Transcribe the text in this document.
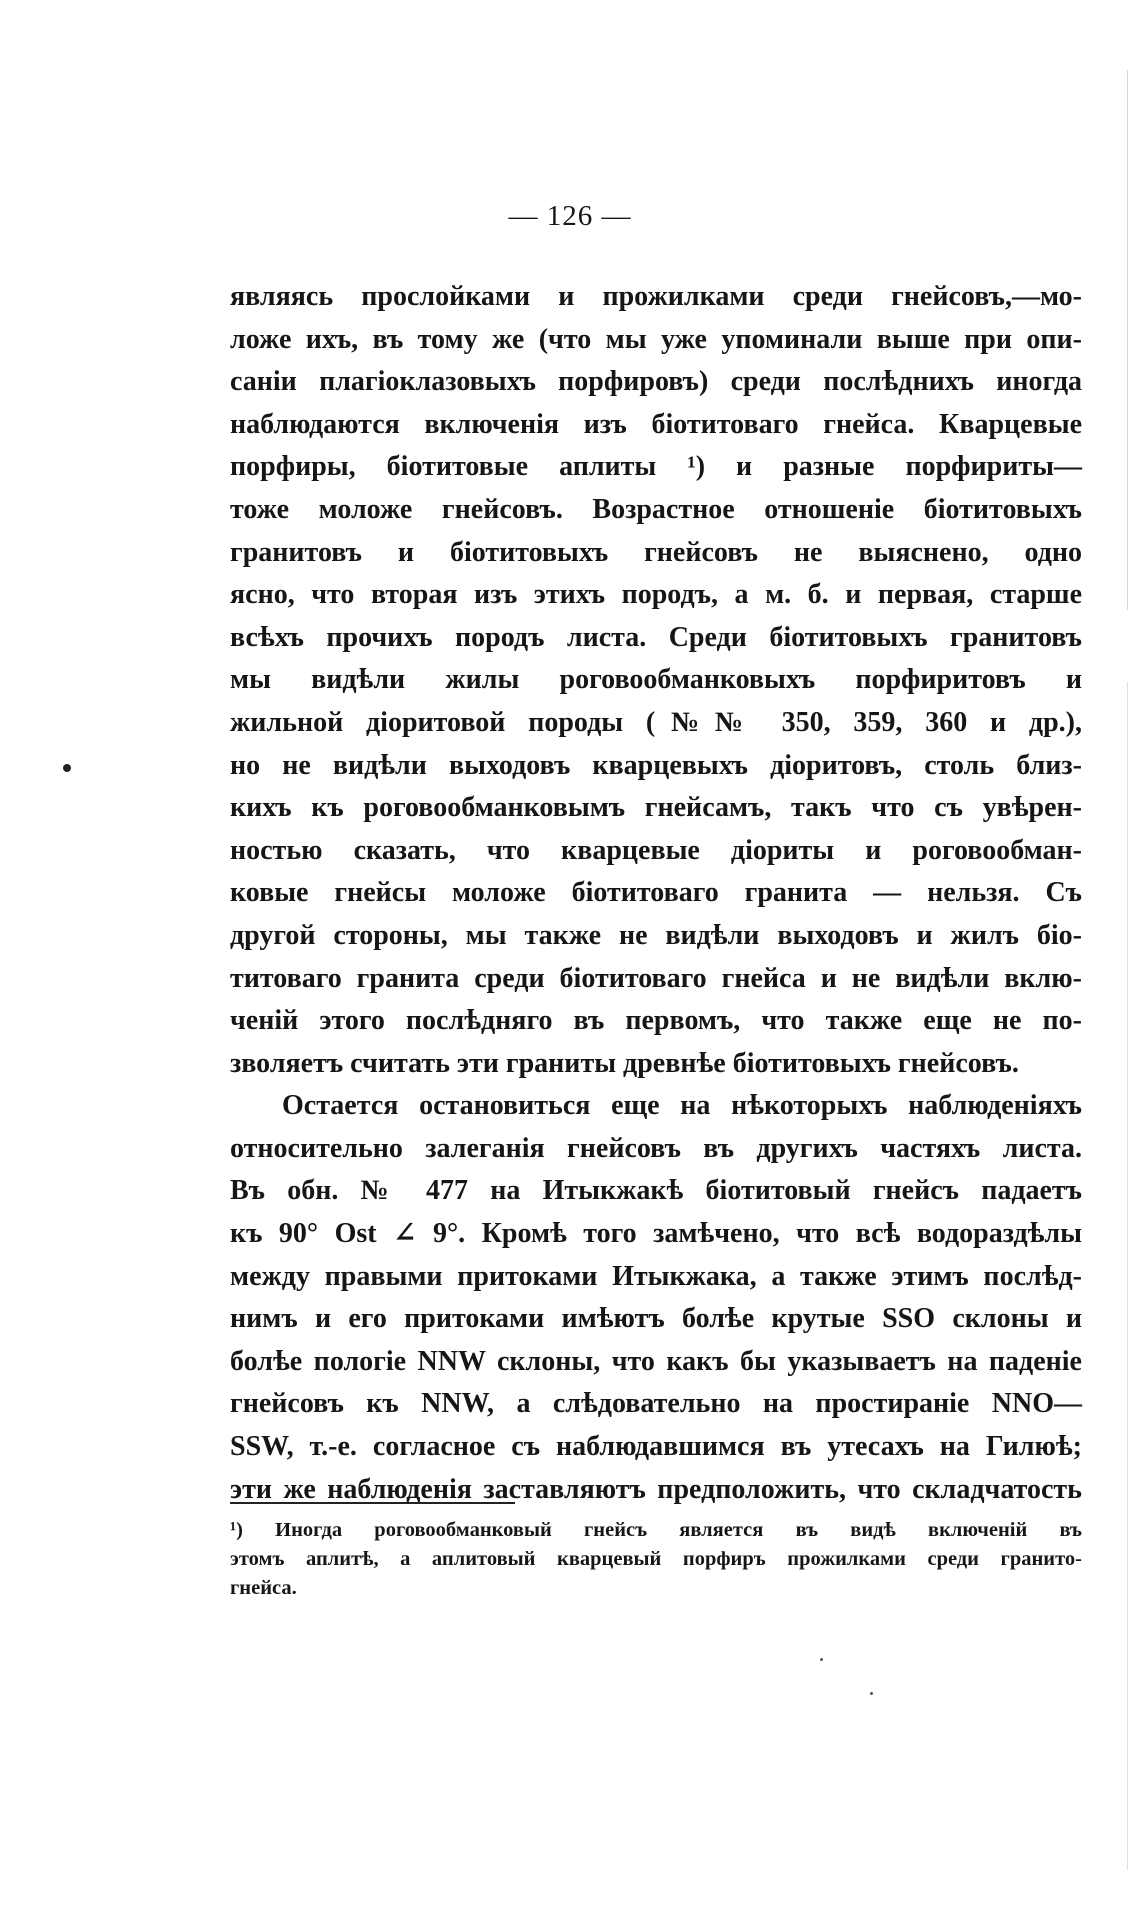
— 126 —
являясь прослойками и прожилками среди гнейсовъ,—мо-
ложе ихъ, въ тому же (что мы уже упоминали выше при опи-
саніи плагіоклазовыхъ порфировъ) среди послѣднихъ иногда
наблюдаются включенія изъ біотитоваго гнейса. Кварцевые
порфиры, біотитовые аплиты ¹) и разные порфириты—
тоже моложе гнейсовъ. Возрастное отношеніе біотитовыхъ
гранитовъ и біотитовыхъ гнейсовъ не выяснено, одно
ясно, что вторая изъ этихъ породъ, а м. б. и первая, старше
всѣхъ прочихъ породъ листа. Среди біотитовыхъ гранитовъ
мы видѣли жилы роговообманковыхъ порфиритовъ и
жильной діоритовой породы (№№ 350, 359, 360 и др.),
но не видѣли выходовъ кварцевыхъ діоритовъ, столь близ-
кихъ къ роговообманковымъ гнейсамъ, такъ что съ увѣрен-
ностью сказать, что кварцевые діориты и роговообман-
ковые гнейсы моложе біотитоваго гранита — нельзя. Съ
другой стороны, мы также не видѣли выходовъ и жилъ біо-
титоваго гранита среди біотитоваго гнейса и не видѣли вклю-
ченій этого послѣдняго въ первомъ, что также еще не по-
зволяетъ считать эти граниты древнѣе біотитовыхъ гнейсовъ.
Остается остановиться еще на нѣкоторыхъ наблюденіяхъ
относительно залеганія гнейсовъ въ другихъ частяхъ листа.
Въ обн. № 477 на Итыкжакѣ біотитовый гнейсъ падаетъ
къ 90° Ost ∠ 9°. Кромѣ того замѣчено, что всѣ водораздѣлы
между правыми притоками Итыкжака, а также этимъ послѣд-
нимъ и его притоками имѣютъ болѣе крутые SSO склоны и
болѣе пологіе NNW склоны, что какъ бы указываетъ на паденіе
гнейсовъ къ NNW, а слѣдовательно на простираніе NNO—
SSW, т.-е. согласное съ наблюдавшимся въ утесахъ на Гилюѣ;
эти же наблюденія заставляютъ предположить, что складчатость
¹) Иногда роговообманковый гнейсъ является въ видѣ включеній въ
этомъ аплитѣ, а аплитовый кварцевый порфиръ прожилками среди гранито-
гнейса.
